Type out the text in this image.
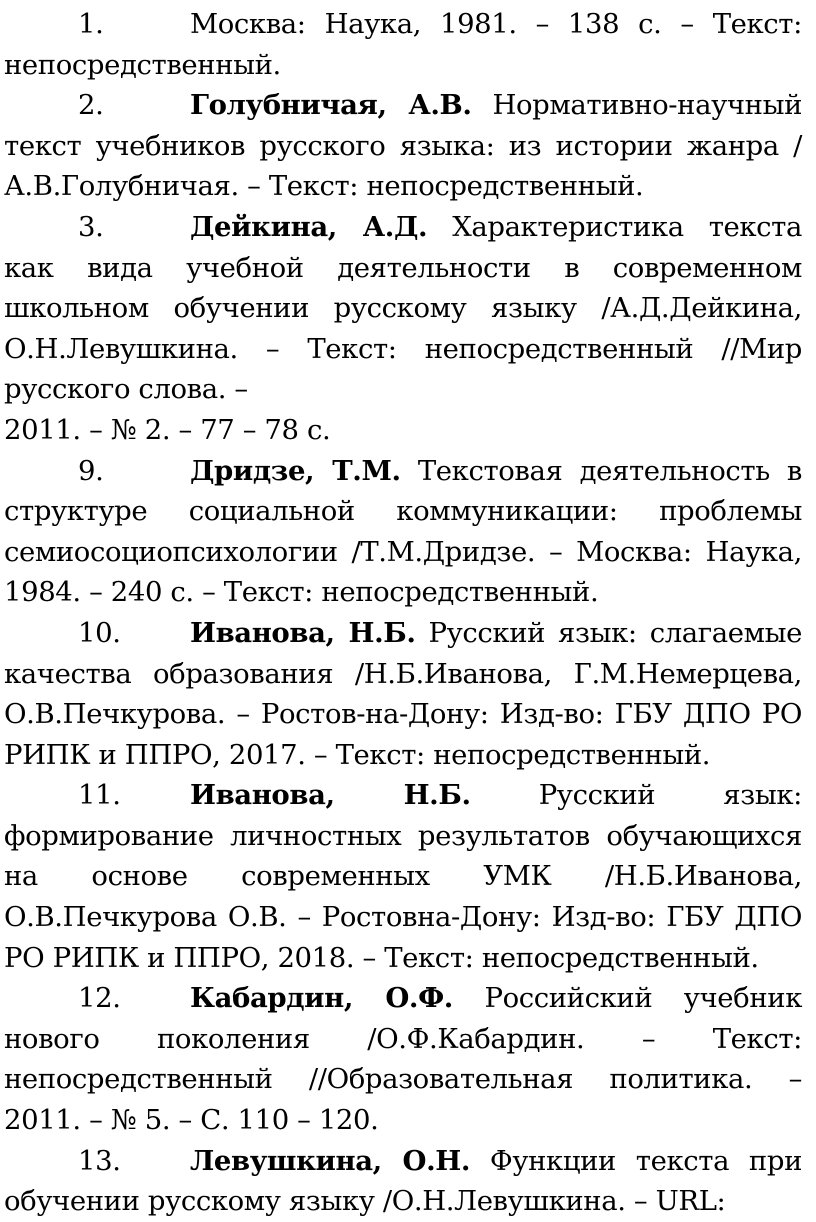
1.	Москва: Наука, 1981. – 138 с. – Текст: непосредственный.

2.	Голубничая, А.В. Нормативно-научный текст учебников русского языка: из истории жанра /А.В.Голубничая. – Текст: непосредственный.

3.	Дейкина, А.Д. Характеристика текста как вида учебной деятельности в современном школьном обучении русскому языку /А.Д.Дейкина, О.Н.Левушкина. – Текст: непосредственный //Мир русского слова. –

2011. – № 2. – 77 – 78 с.

9.	Дридзе, Т.М. Текстовая деятельность в структуре социальной коммуникации: проблемы семиосоциопсихологии /Т.М.Дридзе. – Москва: Наука, 1984. – 240 с. – Текст: непосредственный.

10.	Иванова, Н.Б. Русский язык: слагаемые качества образования /Н.Б.Иванова, Г.М.Немерцева, О.В.Печкурова. – Ростов-на-Дону: Изд-во: ГБУ ДПО РО РИПК и ППРО, 2017. – Текст: непосредственный.

11.	Иванова, Н.Б. Русский язык: формирование личностных результатов обучающихся на основе современных УМК /Н.Б.Иванова, О.В.Печкурова О.В. – Ростовна-Дону: Изд-во: ГБУ ДПО РО РИПК и ППРО, 2018. – Текст: непосредственный.

12.	Кабардин, О.Ф. Российский учебник нового поколения /О.Ф.Кабардин. – Текст: непосредственный //Образовательная политика. – 2011. – № 5. – С. 110 – 120.

13.	Левушкина, О.Н. Функции текста при обучении русскому языку /О.Н.Левушкина. – URL:
